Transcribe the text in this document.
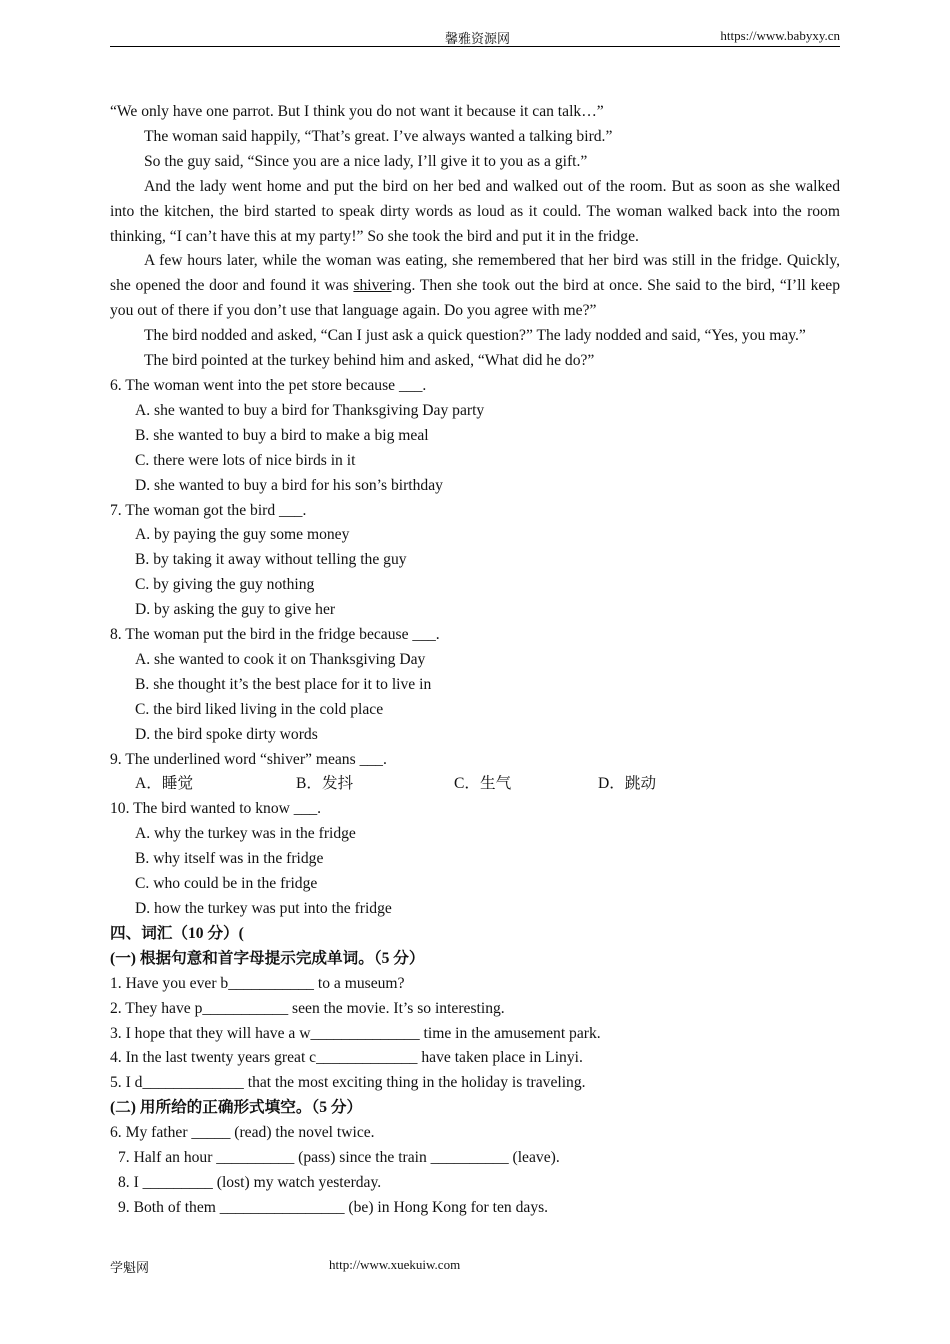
馨雅资源网	https://www.babyxy.cn
“We only have one parrot. But I think you do not want it because it can talk…”
The woman said happily, “That’s great. I’ve always wanted a talking bird.”
So the guy said, “Since you are a nice lady, I’ll give it to you as a gift.”
And the lady went home and put the bird on her bed and walked out of the room. But as soon as she walked into the kitchen, the bird started to speak dirty words as loud as it could. The woman walked back into the room thinking, “I can’t have this at my party!” So she took the bird and put it in the fridge.
A few hours later, while the woman was eating, she remembered that her bird was still in the fridge. Quickly, she opened the door and found it was shivering. Then she took out the bird at once. She said to the bird, “I’ll keep you out of there if you don’t use that language again. Do you agree with me?”
The bird nodded and asked, “Can I just ask a quick question?” The lady nodded and said, “Yes, you may.”
The bird pointed at the turkey behind him and asked, “What did he do?”
6. The woman went into the pet store because ___.
A. she wanted to buy a bird for Thanksgiving Day party
B. she wanted to buy a bird to make a big meal
C. there were lots of nice birds in it
D. she wanted to buy a bird for his son’s birthday
7. The woman got the bird ___.
A. by paying the guy some money
B. by taking it away without telling the guy
C. by giving the guy nothing
D. by asking the guy to give her
8. The woman put the bird in the fridge because ___.
A. she wanted to cook it on Thanksgiving Day
B. she thought it’s the best place for it to live in
C. the bird liked living in the cold place
D. the bird spoke dirty words
9. The underlined word “shiver” means ___.
A．睡觉	B．发抖	C．生气	D．跳动
10. The bird wanted to know ___.
A. why the turkey was in the fridge
B. why itself was in the fridge
C. who could be in the fridge
D. how the turkey was put into the fridge
四、词汇（10 分）(
(一) 根据句意和首字母提示完成单词。（5 分）
1. Have you ever b___________ to a museum?
2. They have p___________ seen the movie. It’s so interesting.
3. I hope that they will have a w______________ time in the amusement park.
4. In the last twenty years great c_____________ have taken place in Linyi.
5. I d_____________ that the most exciting thing in the holiday is traveling.
(二) 用所给的正确形式填空。（5 分）
6. My father _____ (read) the novel twice.
7. Half an hour __________ (pass) since the train __________ (leave).
8. I _________ (lost) my watch yesterday.
9. Both of them ________________ (be) in Hong Kong for ten days.
学魁网	http://www.xuekuiw.com
